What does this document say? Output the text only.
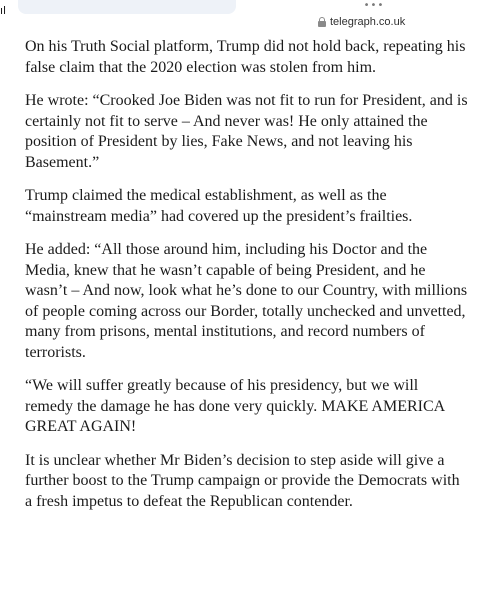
ıl	•••
telegraph.co.uk

On his Truth Social platform, Trump did not hold back, repeating his false claim that the 2020 election was stolen from him.

He wrote: “Crooked Joe Biden was not fit to run for President, and is certainly not fit to serve – And never was! He only attained the position of President by lies, Fake News, and not leaving his Basement.”

Trump claimed the medical establishment, as well as the “mainstream media” had covered up the president’s frailties.

He added: “All those around him, including his Doctor and the Media, knew that he wasn’t capable of being President, and he wasn’t – And now, look what he’s done to our Country, with millions of people coming across our Border, totally unchecked and unvetted, many from prisons, mental institutions, and record numbers of terrorists.

“We will suffer greatly because of his presidency, but we will remedy the damage he has done very quickly. MAKE AMERICA GREAT AGAIN!

It is unclear whether Mr Biden’s decision to step aside will give a further boost to the Trump campaign or provide the Democrats with a fresh impetus to defeat the Republican contender.
